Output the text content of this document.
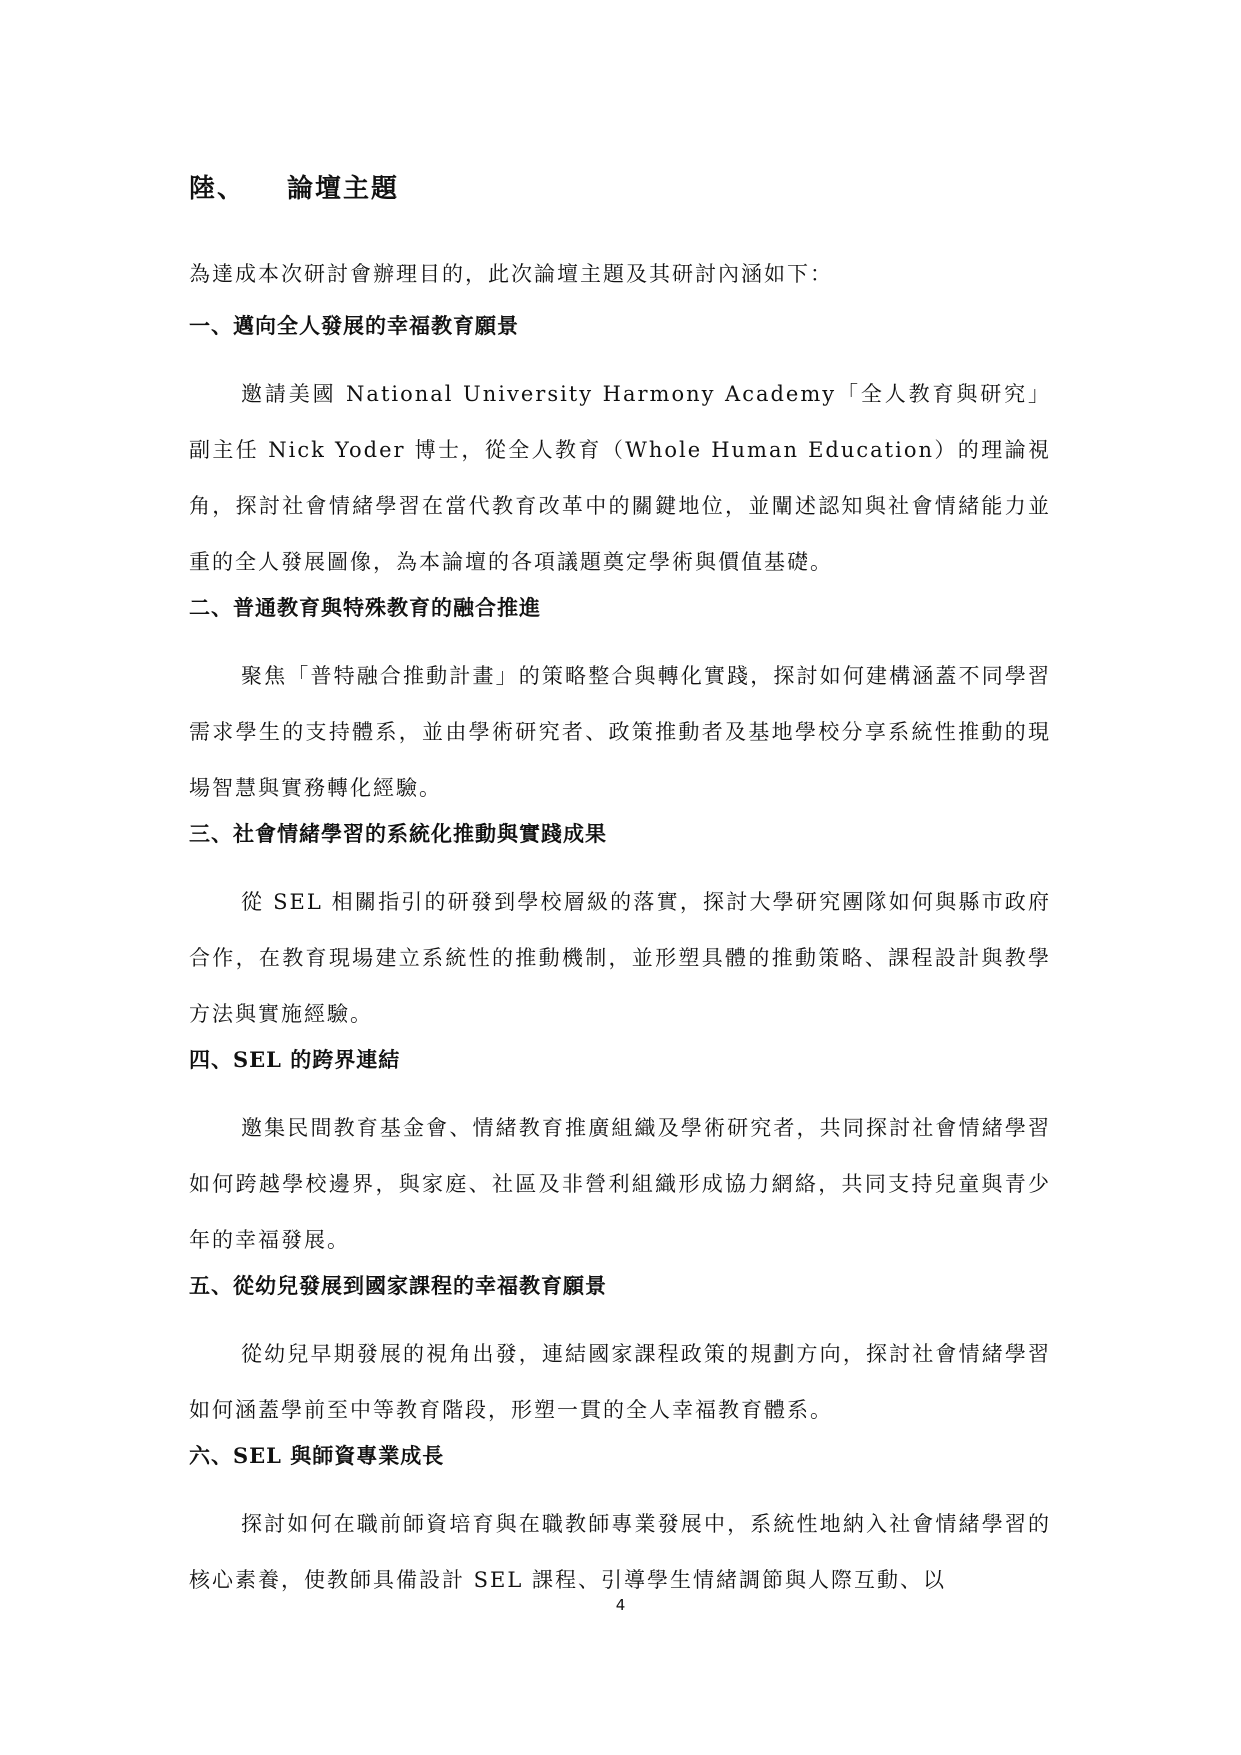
陸、 論壇主題
為達成本次研討會辦理目的，此次論壇主題及其研討內涵如下：
一、邁向全人發展的幸福教育願景
邀請美國 National University Harmony Academy「全人教育與研究」副主任 Nick Yoder 博士，從全人教育（Whole Human Education）的理論視角，探討社會情緒學習在當代教育改革中的關鍵地位，並闡述認知與社會情緒能力並重的全人發展圖像，為本論壇的各項議題奠定學術與價值基礎。
二、普通教育與特殊教育的融合推進
聚焦「普特融合推動計畫」的策略整合與轉化實踐，探討如何建構涵蓋不同學習需求學生的支持體系，並由學術研究者、政策推動者及基地學校分享系統性推動的現場智慧與實務轉化經驗。
三、社會情緒學習的系統化推動與實踐成果
從 SEL 相關指引的研發到學校層級的落實，探討大學研究團隊如何與縣市政府合作，在教育現場建立系統性的推動機制，並形塑具體的推動策略、課程設計與教學方法與實施經驗。
四、SEL 的跨界連結
邀集民間教育基金會、情緒教育推廣組織及學術研究者，共同探討社會情緒學習如何跨越學校邊界，與家庭、社區及非營利組織形成協力網絡，共同支持兒童與青少年的幸福發展。
五、從幼兒發展到國家課程的幸福教育願景
從幼兒早期發展的視角出發，連結國家課程政策的規劃方向，探討社會情緒學習如何涵蓋學前至中等教育階段，形塑一貫的全人幸福教育體系。
六、SEL 與師資專業成長
探討如何在職前師資培育與在職教師專業發展中，系統性地納入社會情緒學習的核心素養，使教師具備設計 SEL 課程、引導學生情緒調節與人際互動、以
4
